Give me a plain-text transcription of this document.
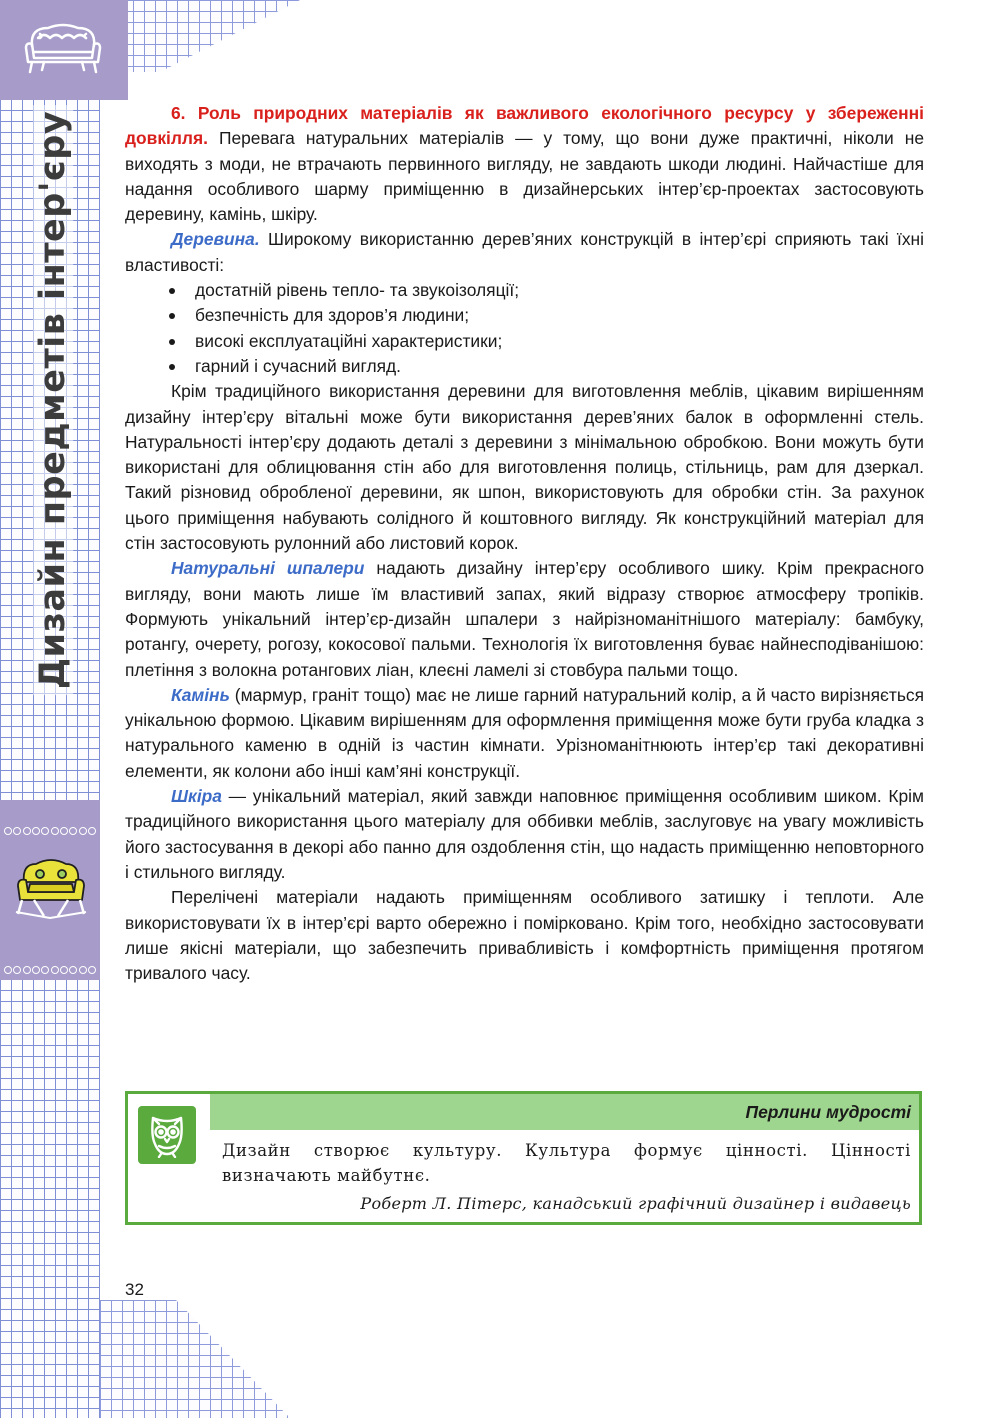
Дизайн предметів інтер'єру	6. Роль природних матеріалів як важливого екологічного ресурсу у збереженні довкілля. Перевага натуральних матеріалів — у тому, що вони дуже практичні, ніколи не виходять з моди, не втрачають первинного вигляду, не завдають шкоди людині. Найчастіше для надання особливого шарму приміщенню в дизайнерських інтер’єр-проектах застосовують деревину, камінь, шкіру.

Деревина. Широкому використанню дерев’яних конструкцій в інтер’єрі сприяють такі їхні властивості:

достатній рівень тепло- та звукоізоляції;
безпечність для здоров’я людини;
високі експлуатаційні характеристики;
гарний і сучасний вигляд.

Крім традиційного використання деревини для виготовлення меблів, цікавим вирішенням дизайну інтер’єру вітальні може бути використання дерев’яних балок в оформленні стель. Натуральності інтер’єру додають деталі з деревини з мінімальною обробкою. Вони можуть бути використані для облицювання стін або для виготовлення полиць, стільниць, рам для дзеркал. Такий різновид обробленої деревини, як шпон, використовують для обробки стін. За рахунок цього приміщення набувають солідного й коштовного вигляду. Як конструкційний матеріал для стін застосовують рулонний або листовий корок.

Натуральні шпалери надають дизайну інтер’єру особливого шику. Крім прекрасного вигляду, вони мають лише їм властивий запах, який відразу створює атмосферу тропіків. Формують унікальний інтер’єр-дизайн шпалери з найрізноманітнішого матеріалу: бамбуку, ротангу, очерету, рогозу, кокосової пальми. Технологія їх виготовлення буває найнесподіванішою: плетіння з волокна ротангових ліан, клеєні ламелі зі стовбура пальми тощо.

Камінь (мармур, граніт тощо) має не лише гарний натуральний колір, а й часто вирізняється унікальною формою. Цікавим вирішенням для оформлення приміщення може бути груба кладка з натурального каменю в одній із частин кімнати. Урізноманітнюють інтер’єр такі декоративні елементи, як колони або інші кам’яні конструкції.

Шкіра — унікальний матеріал, який завжди наповнює приміщення особливим шиком. Крім традиційного використання цього матеріалу для оббивки меблів, заслуговує на увагу можливість його застосування в декорі або панно для оздоблення стін, що надасть приміщенню неповторного і стильного вигляду.

Перелічені матеріали надають приміщенням особливого затишку і теплоти. Але використовувати їх в інтер’єрі варто обережно і помірковано. Крім того, необхідно застосовувати лише якісні матеріали, що забезпечить привабливість і комфортність приміщення протягом тривалого часу.

Перлини мудрості
Дизайн створює культуру. Культура формує цінності. Цінності визначають майбутнє.
Роберт Л. Пітерс, канадський графічний дизайнер і видавець
32
